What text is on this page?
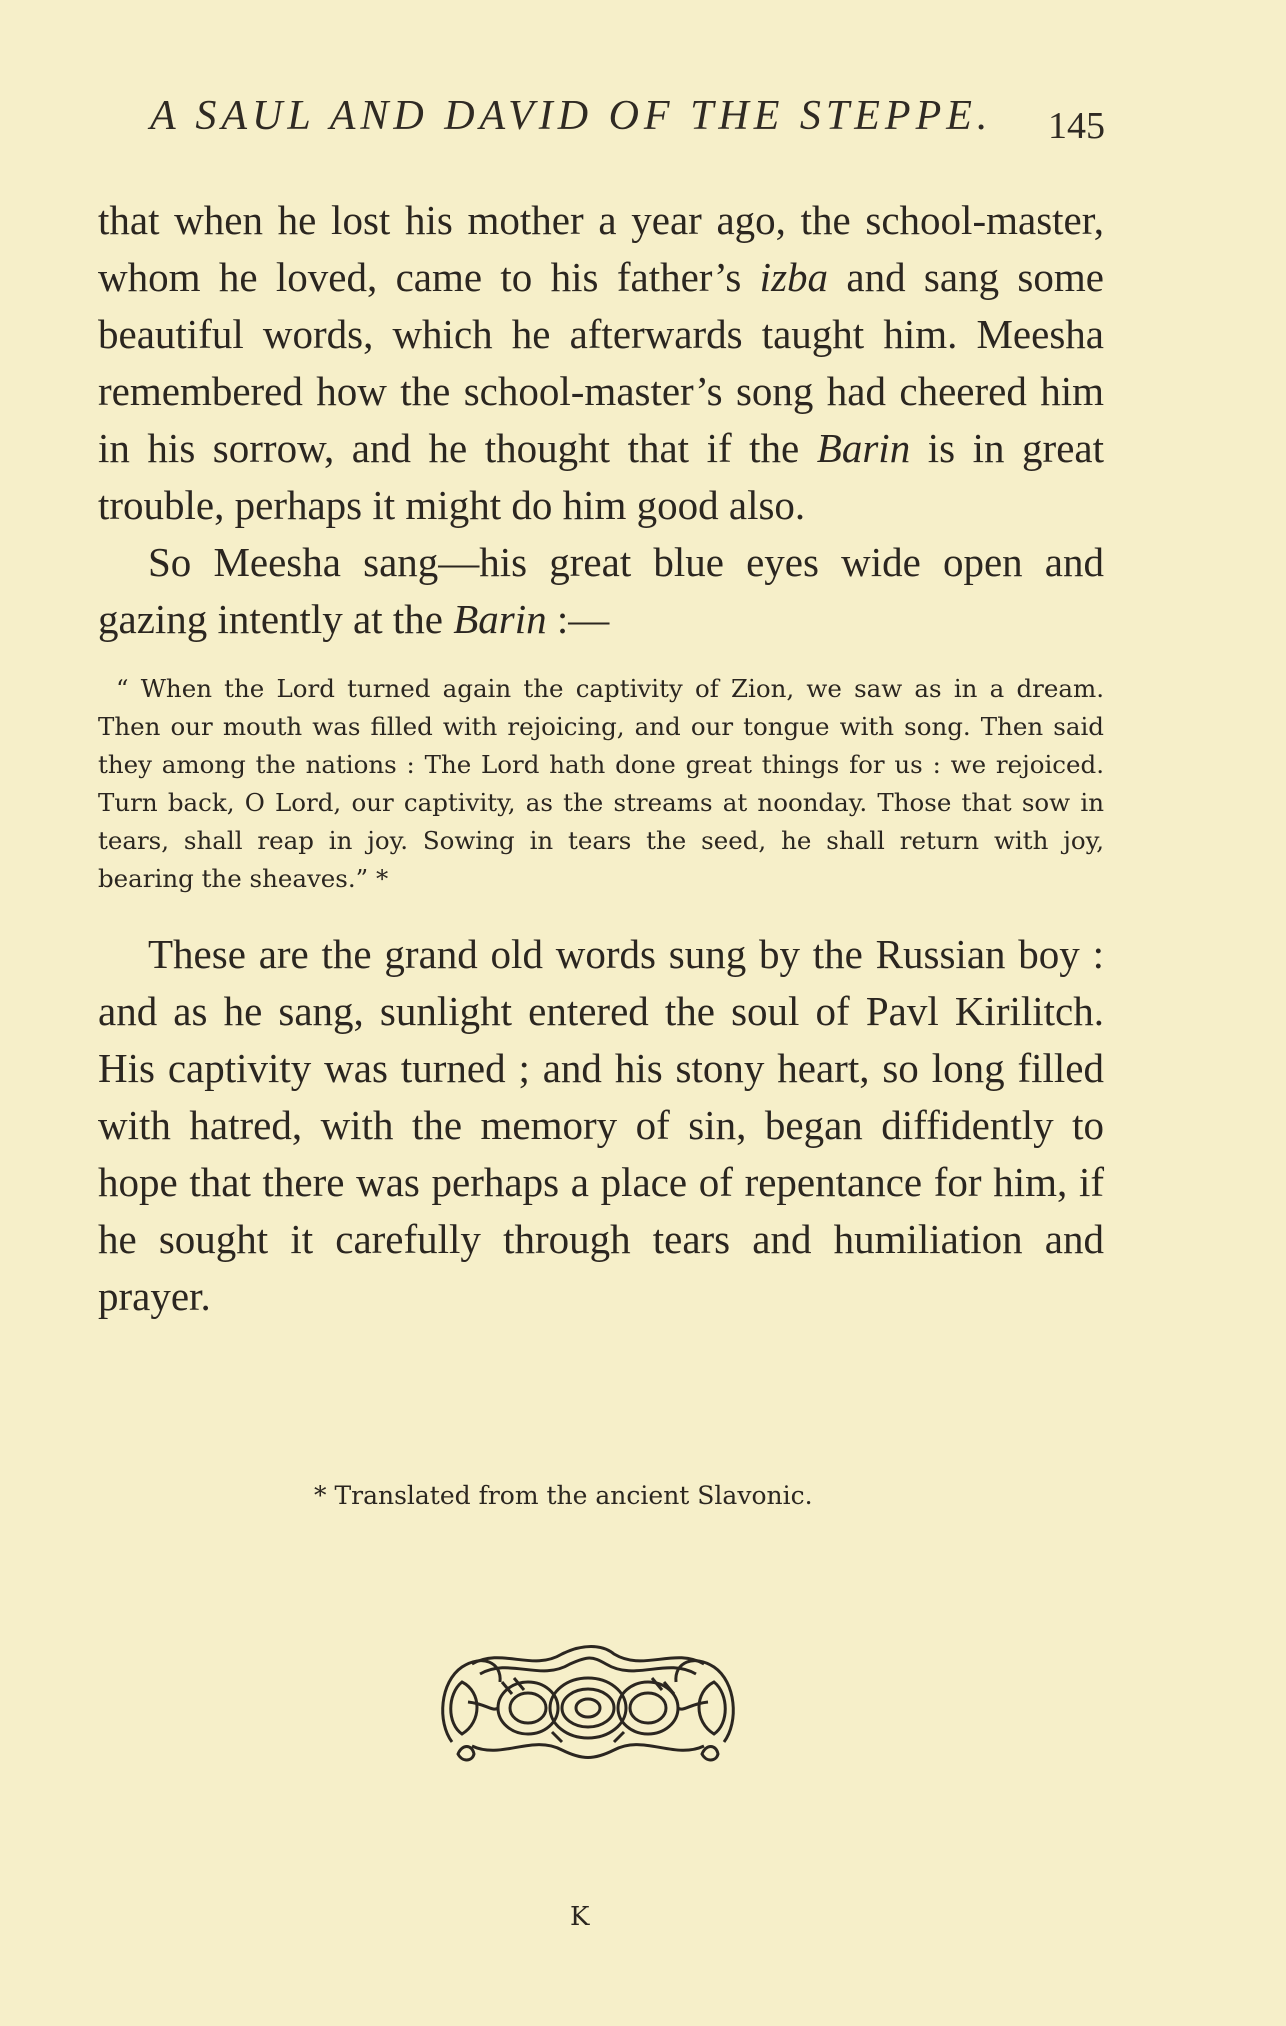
A SAUL AND DAVID OF THE STEPPE. 145

that when he lost his mother a year ago, the school-master, whom he loved, came to his father’s izba and sang some beautiful words, which he afterwards taught him. Meesha remembered how the school-master’s song had cheered him in his sorrow, and he thought that if the Barin is in great trouble, perhaps it might do him good also.

So Meesha sang—his great blue eyes wide open and gazing intently at the Barin :—

“ When the Lord turned again the captivity of Zion, we saw as in a dream. Then our mouth was filled with rejoicing, and our tongue with song. Then said they among the nations : The Lord hath done great things for us : we rejoiced. Turn back, O Lord, our captivity, as the streams at noonday. Those that sow in tears, shall reap in joy. Sowing in tears the seed, he shall return with joy, bearing the sheaves.” *

These are the grand old words sung by the Russian boy : and as he sang, sunlight entered the soul of Pavl Kirilitch. His captivity was turned ; and his stony heart, so long filled with hatred, with the memory of sin, began diffidently to hope that there was perhaps a place of repentance for him, if he sought it carefully through tears and humiliation and prayer.

* Translated from the ancient Slavonic.
K
